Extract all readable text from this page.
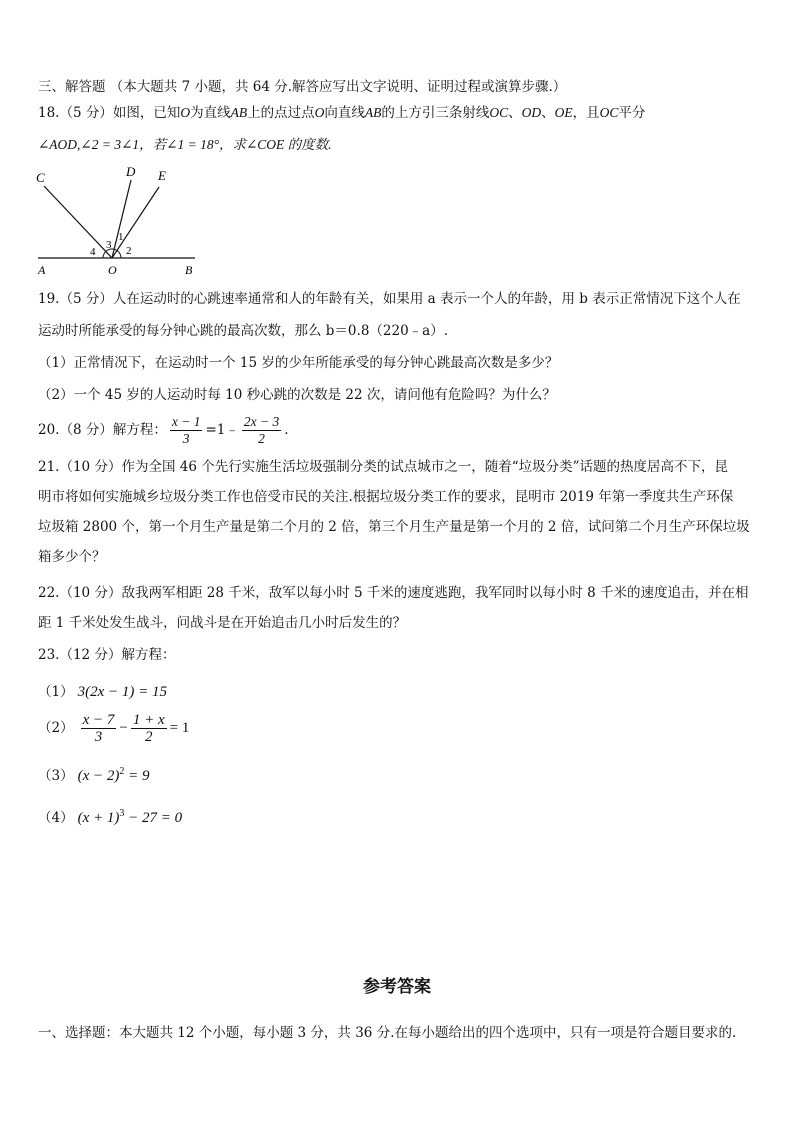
三、解答题 （本大题共 7 小题，共 64 分.解答应写出文字说明、证明过程或演算步骤.）
18.（5 分）如图，已知O为直线AB上的点过点O向直线AB的上方引三条射线OC、OD、OE，且OC平分
∠AOD,∠2 = 3∠1，若∠1 = 18°，求∠COE 的度数.
C	D E
A	O	B
1
2
3
4
19.（5 分）人在运动时的心跳速率通常和人的年龄有关，如果用 a 表示一个人的年龄，用 b 表示正常情况下这个人在
运动时所能承受的每分钟心跳的最高次数，那么 b＝0.8（220﹣a）.
（1）正常情况下，在运动时一个 15 岁的少年所能承受的每分钟心跳最高次数是多少？
（2）一个 45 岁的人运动时每 10 秒心跳的次数是 22 次，请问他有危险吗？为什么？
20.（8 分）解方程： $\frac{x - 1}{3}$ =1﹣ $\frac{2x - 3}{2}$ .
21.（10 分）作为全国 46 个先行实施生活垃圾强制分类的试点城市之一，随着“垃圾分类”话题的热度居高不下，昆
明市将如何实施城乡垃圾分类工作也倍受市民的关注.根据垃圾分类工作的要求，昆明市 2019 年第一季度共生产环保
垃圾箱 2800 个，第一个月生产量是第二个月的 2 倍，第三个月生产量是第一个月的 2 倍，试问第二个月生产环保垃圾
箱多少个？
22.（10 分）敌我两军相距 28 千米，敌军以每小时 5 千米的速度逃跑，我军同时以每小时 8 千米的速度追击，并在相
距 1 千米处发生战斗，问战斗是在开始追击几小时后发生的？
23.（12 分）解方程：
（1） 3(2x − 1) = 15
$(2) \frac{x - 7}{3} - \frac{1 + x}{2} = 1$
（3） $(x - 2)^2 = 9$
（4） $(x + 1)^3 - 27 = 0$
参考答案
一、选择题：本大题共 12 个小题，每小题 3 分，共 36 分.在每小题给出的四个选项中，只有一项是符合题目要求的.
